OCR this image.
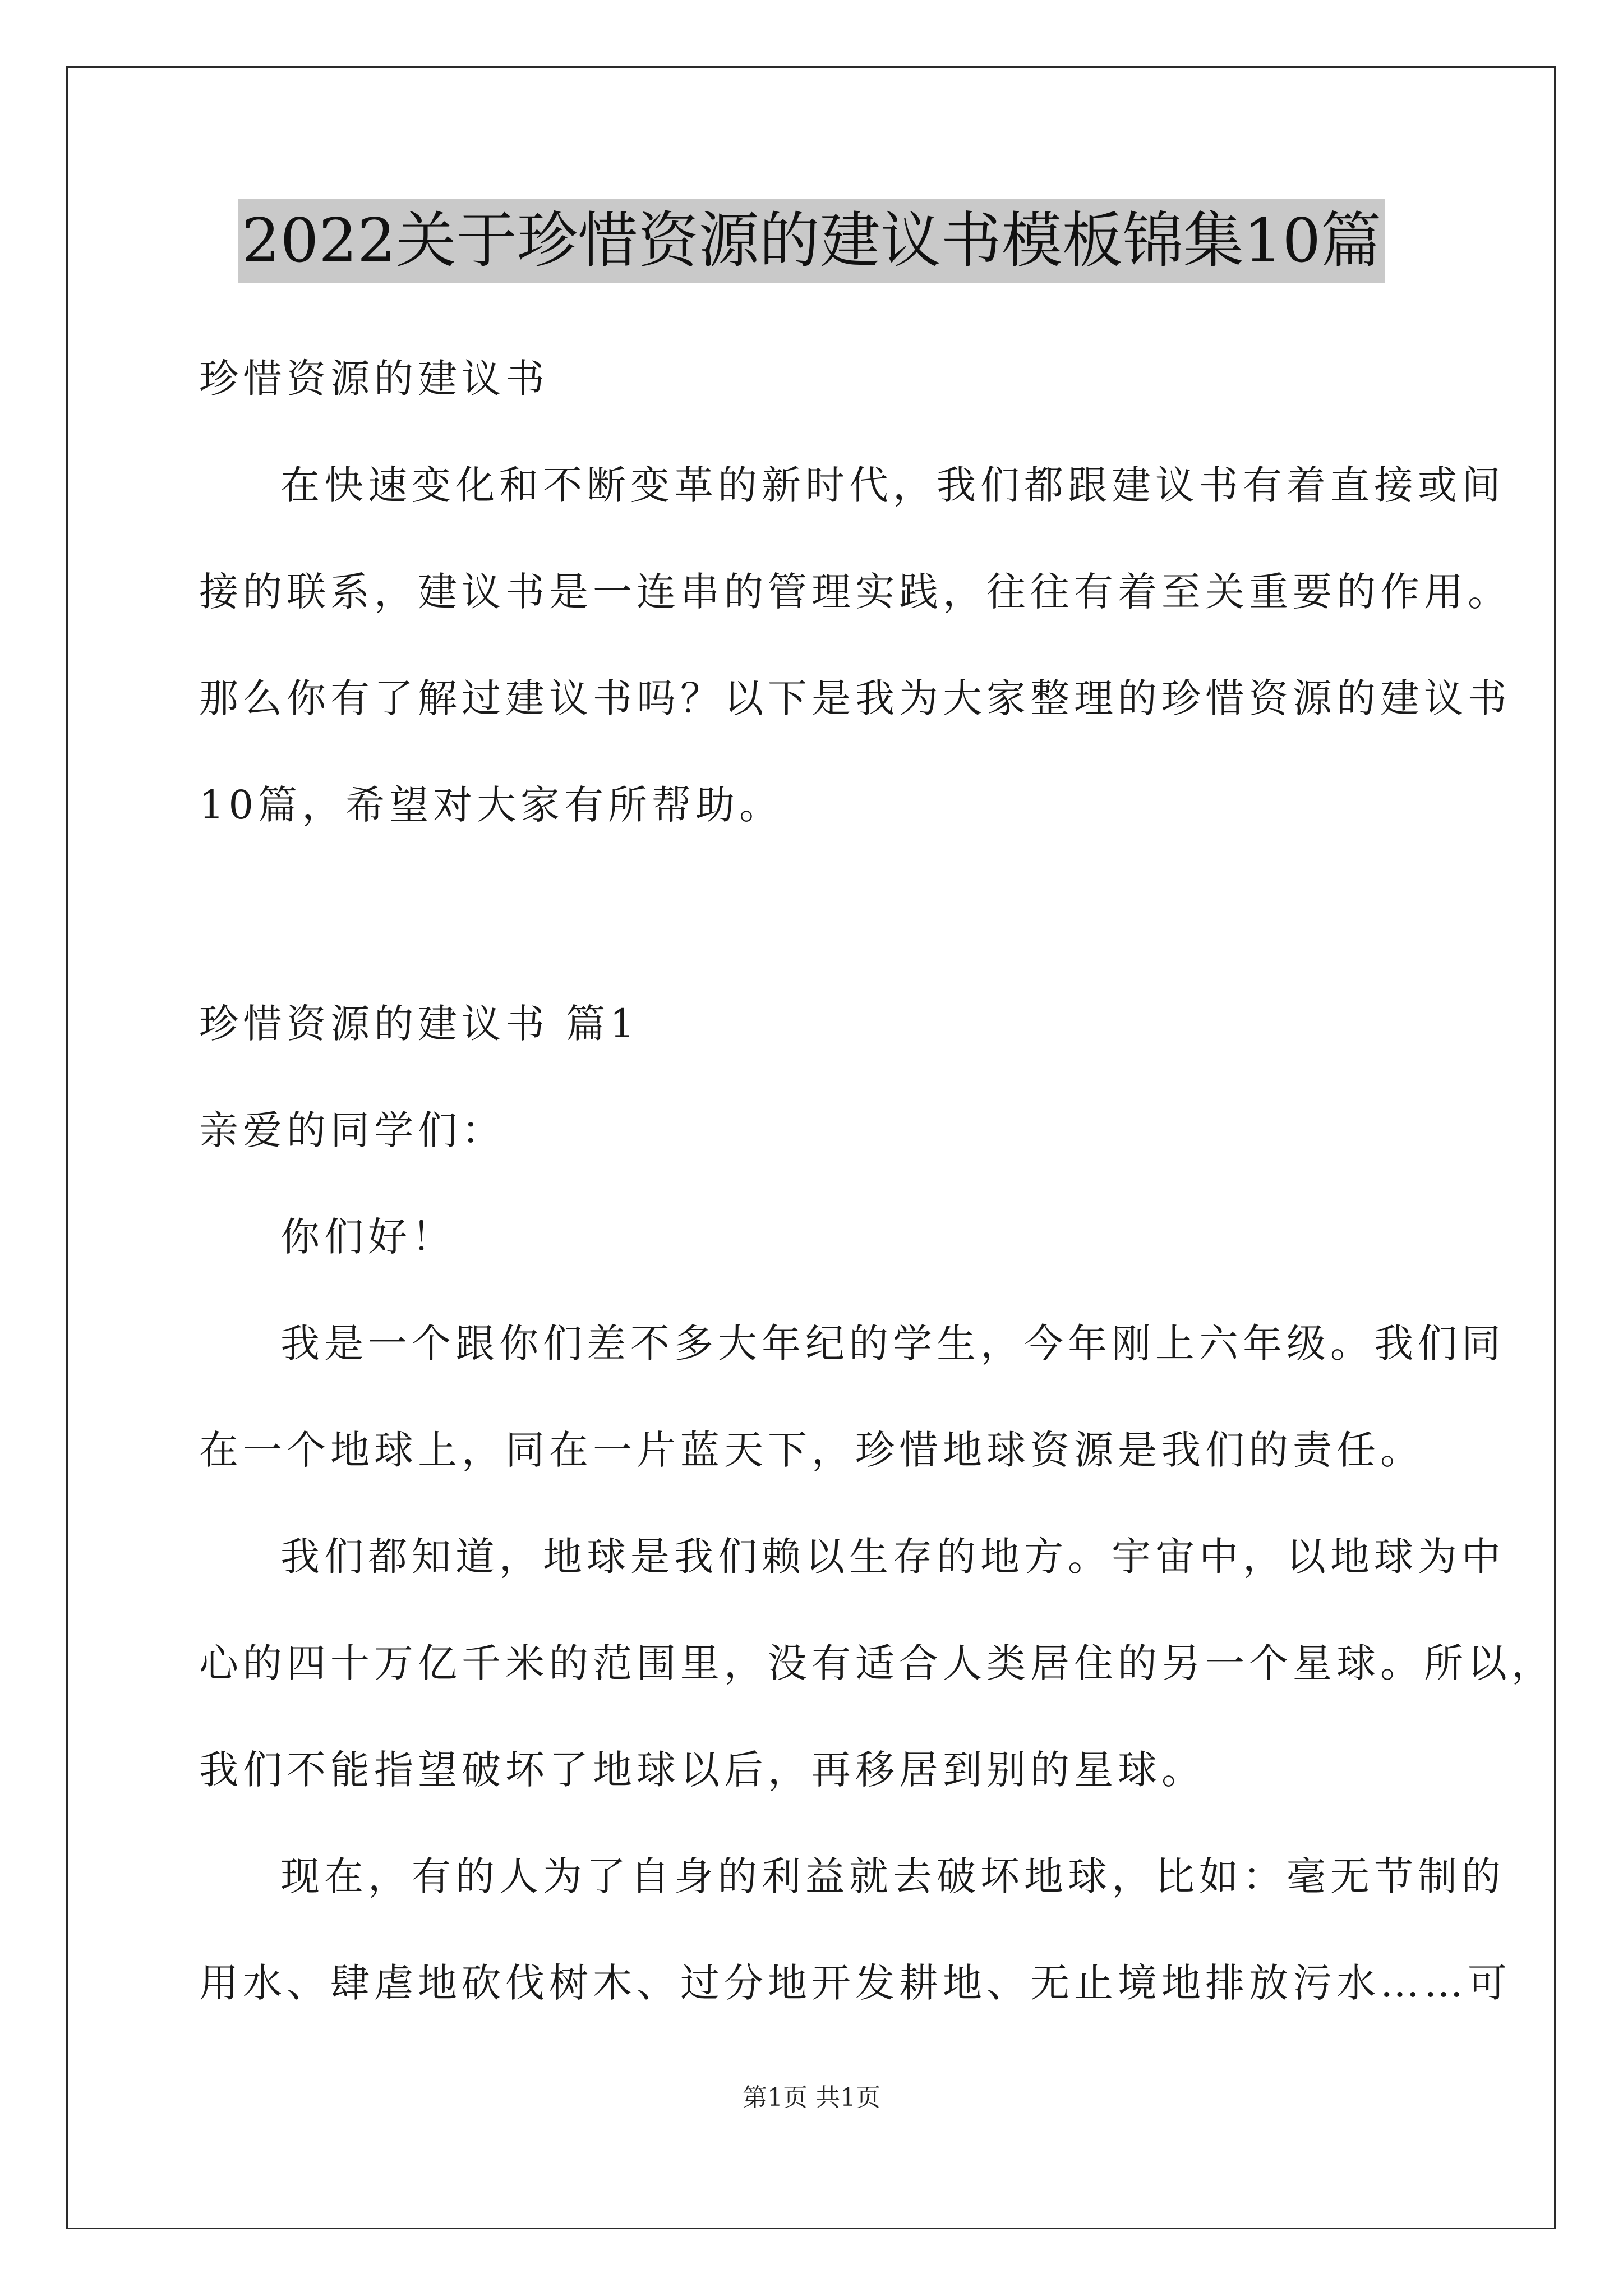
2022关于珍惜资源的建议书模板锦集10篇
珍惜资源的建议书
在快速变化和不断变革的新时代，我们都跟建议书有着直接或间
接的联系，建议书是一连串的管理实践，往往有着至关重要的作用。
那么你有了解过建议书吗？以下是我为大家整理的珍惜资源的建议书
10篇，希望对大家有所帮助。
珍惜资源的建议书 篇1
亲爱的同学们：
你们好！
我是一个跟你们差不多大年纪的学生，今年刚上六年级。我们同
在一个地球上，同在一片蓝天下，珍惜地球资源是我们的责任。
我们都知道，地球是我们赖以生存的地方。宇宙中，以地球为中
心的四十万亿千米的范围里，没有适合人类居住的另一个星球。所以，
我们不能指望破坏了地球以后，再移居到别的星球。
现在，有的人为了自身的利益就去破坏地球，比如：毫无节制的
用水、肆虐地砍伐树木、过分地开发耕地、无止境地排放污水……可
第1页 共1页
